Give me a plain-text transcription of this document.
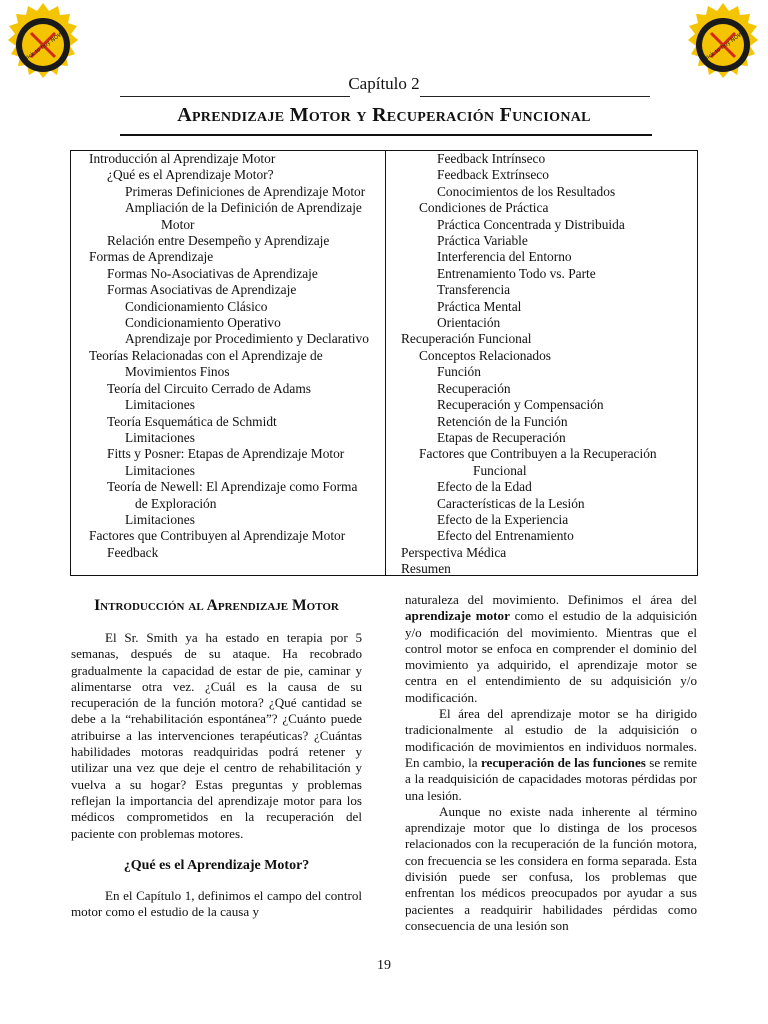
Click to buy NOW!	Click to buy NOW!
Capítulo 2
Aprendizaje Motor y Recuperación Funcional
Introducción al Aprendizaje Motor
¿Qué es el Aprendizaje Motor?
Primeras Definiciones de Aprendizaje Motor
Ampliación de la Definición de Aprendizaje
Motor
Relación entre Desempeño y Aprendizaje
Formas de Aprendizaje
Formas No-Asociativas de Aprendizaje
Formas Asociativas de Aprendizaje
Condicionamiento Clásico
Condicionamiento Operativo
Aprendizaje por Procedimiento y Declarativo
Teorías Relacionadas con el Aprendizaje de
Movimientos Finos
Teoría del Circuito Cerrado de Adams
Limitaciones
Teoría Esquemática de Schmidt
Limitaciones
Fitts y Posner: Etapas de Aprendizaje Motor
Limitaciones
Teoría de Newell: El Aprendizaje como Forma
de Exploración
Limitaciones
Factores que Contribuyen al Aprendizaje Motor
Feedback
Feedback Intrínseco
Feedback Extrínseco
Conocimientos de los Resultados
Condiciones de Práctica
Práctica Concentrada y Distribuida
Práctica Variable
Interferencia del Entorno
Entrenamiento Todo vs. Parte
Transferencia
Práctica Mental
Orientación
Recuperación Funcional
Conceptos Relacionados
Función
Recuperación
Recuperación y Compensación
Retención de la Función
Etapas de Recuperación
Factores que Contribuyen a la Recuperación
Funcional
Efecto de la Edad
Características de la Lesión
Efecto de la Experiencia
Efecto del Entrenamiento
Perspectiva Médica
Resumen
Introducción al Aprendizaje Motor

El Sr. Smith ya ha estado en terapia por 5 semanas, después de su ataque. Ha recobrado gradualmente la capacidad de estar de pie, caminar y alimentarse otra vez. ¿Cuál es la causa de su recuperación de la función motora? ¿Qué cantidad se debe a la “rehabilitación espontánea”? ¿Cuánto puede atribuirse a las intervenciones terapéuticas? ¿Cuántas habilidades motoras readquiridas podrá retener y utilizar una vez que deje el centro de rehabilitación y vuelva a su hogar? Estas preguntas y problemas reflejan la importancia del aprendizaje motor para los médicos comprometidos en la recuperación del paciente con problemas motores.

¿Qué es el Aprendizaje Motor?

En el Capítulo 1, definimos el campo del control motor como el estudio de la causa y

naturaleza del movimiento. Definimos el área del aprendizaje motor como el estudio de la adquisición y/o modificación del movimiento. Mientras que el control motor se enfoca en comprender el dominio del movimiento ya adquirido, el aprendizaje motor se centra en el entendimiento de su adquisición y/o modificación.

El área del aprendizaje motor se ha dirigido tradicionalmente al estudio de la adquisición o modificación de movimientos en individuos normales. En cambio, la recuperación de las funciones se remite a la readquisición de capacidades motoras pérdidas por una lesión.

Aunque no existe nada inherente al término aprendizaje motor que lo distinga de los procesos relacionados con la recuperación de la función motora, con frecuencia se les considera en forma separada. Esta división puede ser confusa, los problemas que enfrentan los médicos preocupados por ayudar a sus pacientes a readquirir habilidades pérdidas como consecuencia de una lesión son

19
